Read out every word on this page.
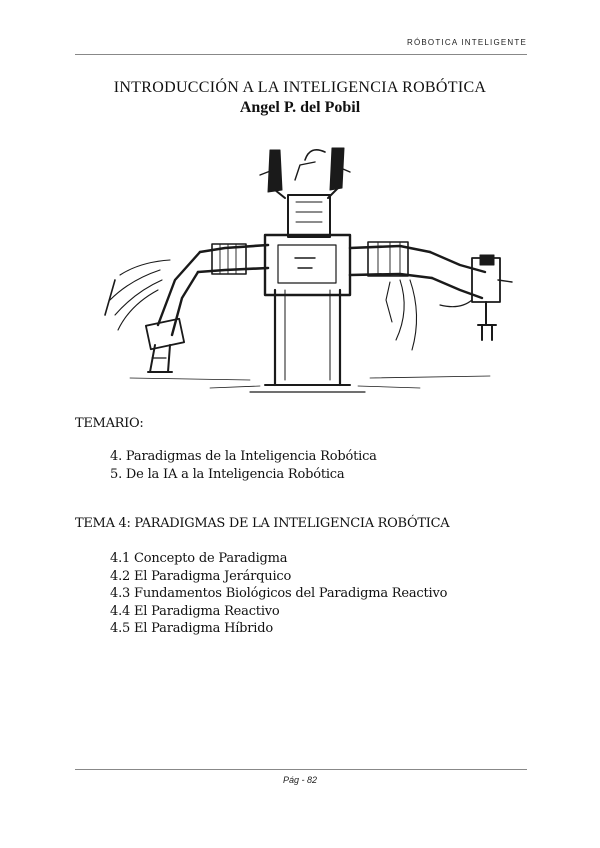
RÓBOTICA INTELIGENTE
INTRODUCCIÓN A LA INTELIGENCIA ROBÓTICA
Angel P. del Pobil
TEMARIO:
4. Paradigmas de la Inteligencia Robótica
5. De la IA a la Inteligencia Robótica
TEMA 4: PARADIGMAS DE LA INTELIGENCIA ROBÓTICA
4.1 Concepto de Paradigma
4.2 El Paradigma Jerárquico
4.3 Fundamentos Biológicos del Paradigma Reactivo
4.4 El Paradigma Reactivo
4.5 El Paradigma Híbrido
Pág - 82
